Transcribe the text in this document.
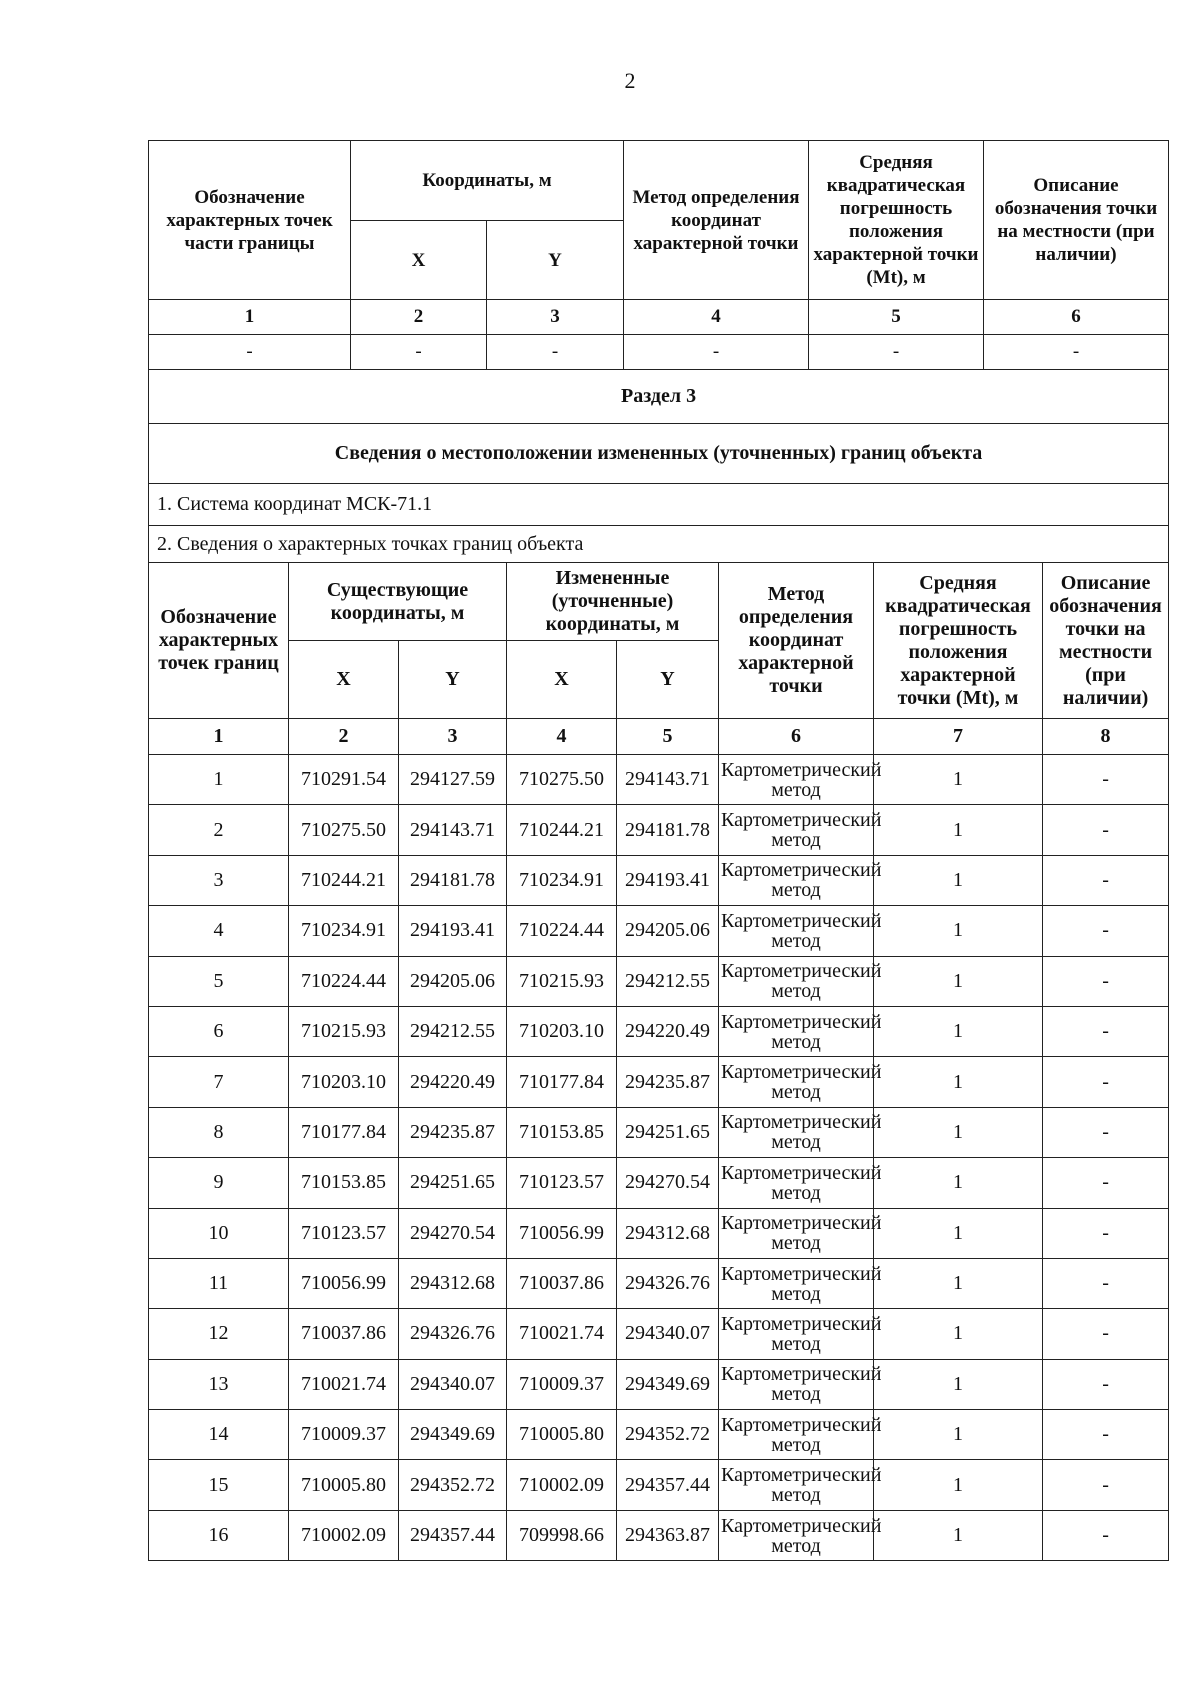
2
Обозначение характерных точек части границы	Координаты, м		Метод определения координат характерной точки	Средняя квадратическая погрешность положения характерной точки (Mt), м	Описание обозначения точки на местности (при наличии)
	X	Y			
1	2	3	4	5	6
-	-	-	-	-	-
Раздел 3							
Сведения о местоположении измененных (уточненных) границ объекта							
1. Система координат МСК-71.1							
2. Сведения о характерных точках границ объекта							
Обозначение характерных точек границ	Существующие координаты, м		Измененные (уточненные) координаты, м		Метод определения координат характерной точки	Средняя квадратическая погрешность положения характерной точки (Mt), м	Описание обозначения точки на местности (при наличии)
	X	Y	X	Y			
1	2	3	4	5	6	7	8
1	710291.54	294127.59	710275.50	294143.71	Картометрический метод	1	-
2	710275.50	294143.71	710244.21	294181.78	Картометрический метод	1	-
3	710244.21	294181.78	710234.91	294193.41	Картометрический метод	1	-
4	710234.91	294193.41	710224.44	294205.06	Картометрический метод	1	-
5	710224.44	294205.06	710215.93	294212.55	Картометрический метод	1	-
6	710215.93	294212.55	710203.10	294220.49	Картометрический метод	1	-
7	710203.10	294220.49	710177.84	294235.87	Картометрический метод	1	-
8	710177.84	294235.87	710153.85	294251.65	Картометрический метод	1	-
9	710153.85	294251.65	710123.57	294270.54	Картометрический метод	1	-
10	710123.57	294270.54	710056.99	294312.68	Картометрический метод	1	-
11	710056.99	294312.68	710037.86	294326.76	Картометрический метод	1	-
12	710037.86	294326.76	710021.74	294340.07	Картометрический метод	1	-
13	710021.74	294340.07	710009.37	294349.69	Картометрический метод	1	-
14	710009.37	294349.69	710005.80	294352.72	Картометрический метод	1	-
15	710005.80	294352.72	710002.09	294357.44	Картометрический метод	1	-
16	710002.09	294357.44	709998.66	294363.87	Картометрический метод	1	-
